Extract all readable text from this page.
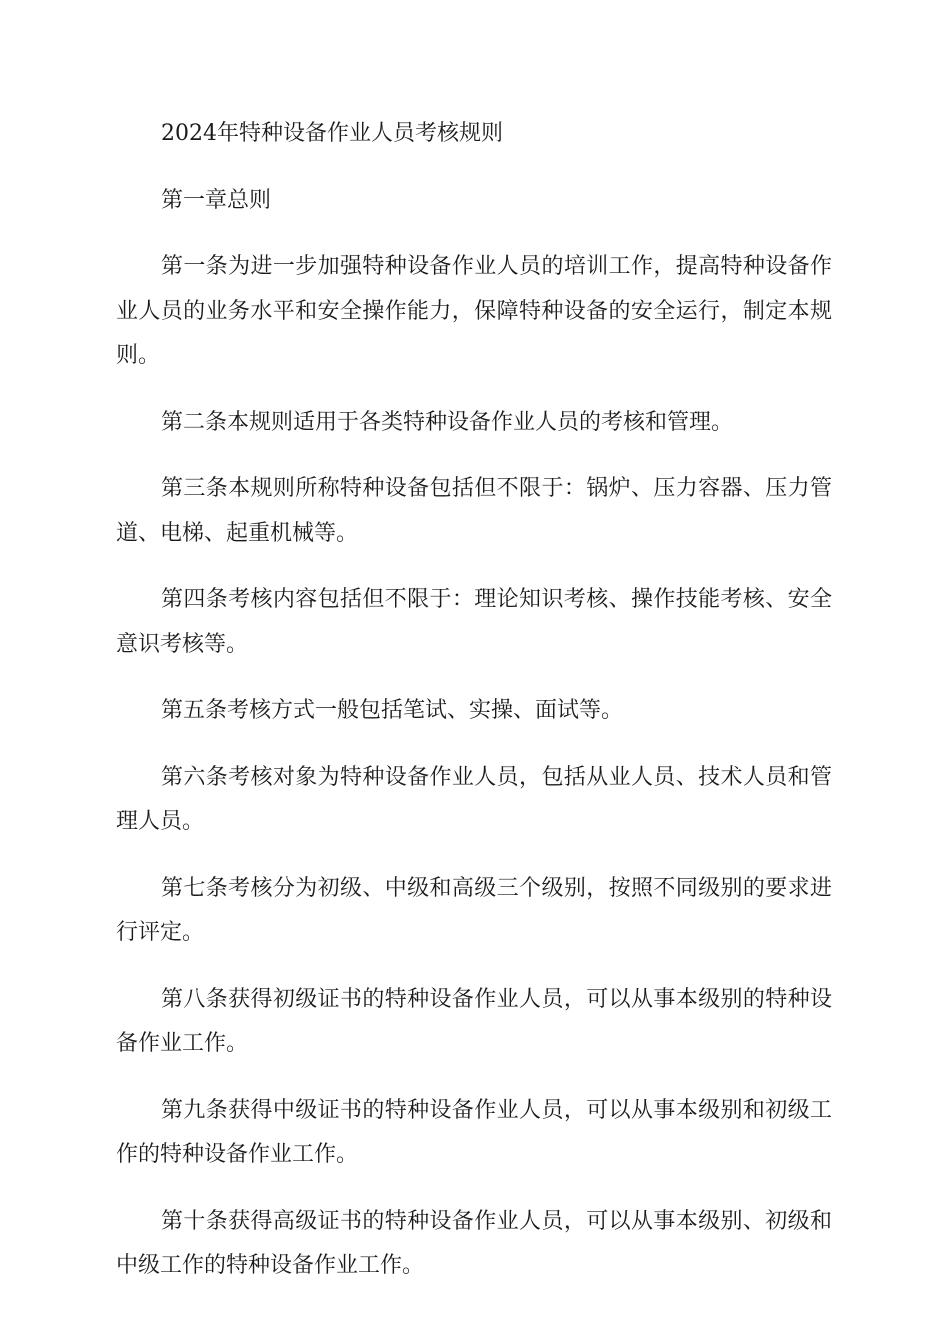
2024年特种设备作业人员考核规则

第一章总则

第一条为进一步加强特种设备作业人员的培训工作，提高特种设备作业人员的业务水平和安全操作能力，保障特种设备的安全运行，制定本规则。

第二条本规则适用于各类特种设备作业人员的考核和管理。

第三条本规则所称特种设备包括但不限于：锅炉、压力容器、压力管道、电梯、起重机械等。

第四条考核内容包括但不限于：理论知识考核、操作技能考核、安全意识考核等。

第五条考核方式一般包括笔试、实操、面试等。

第六条考核对象为特种设备作业人员，包括从业人员、技术人员和管理人员。

第七条考核分为初级、中级和高级三个级别，按照不同级别的要求进行评定。

第八条获得初级证书的特种设备作业人员，可以从事本级别的特种设备作业工作。

第九条获得中级证书的特种设备作业人员，可以从事本级别和初级工作的特种设备作业工作。

第十条获得高级证书的特种设备作业人员，可以从事本级别、初级和中级工作的特种设备作业工作。
